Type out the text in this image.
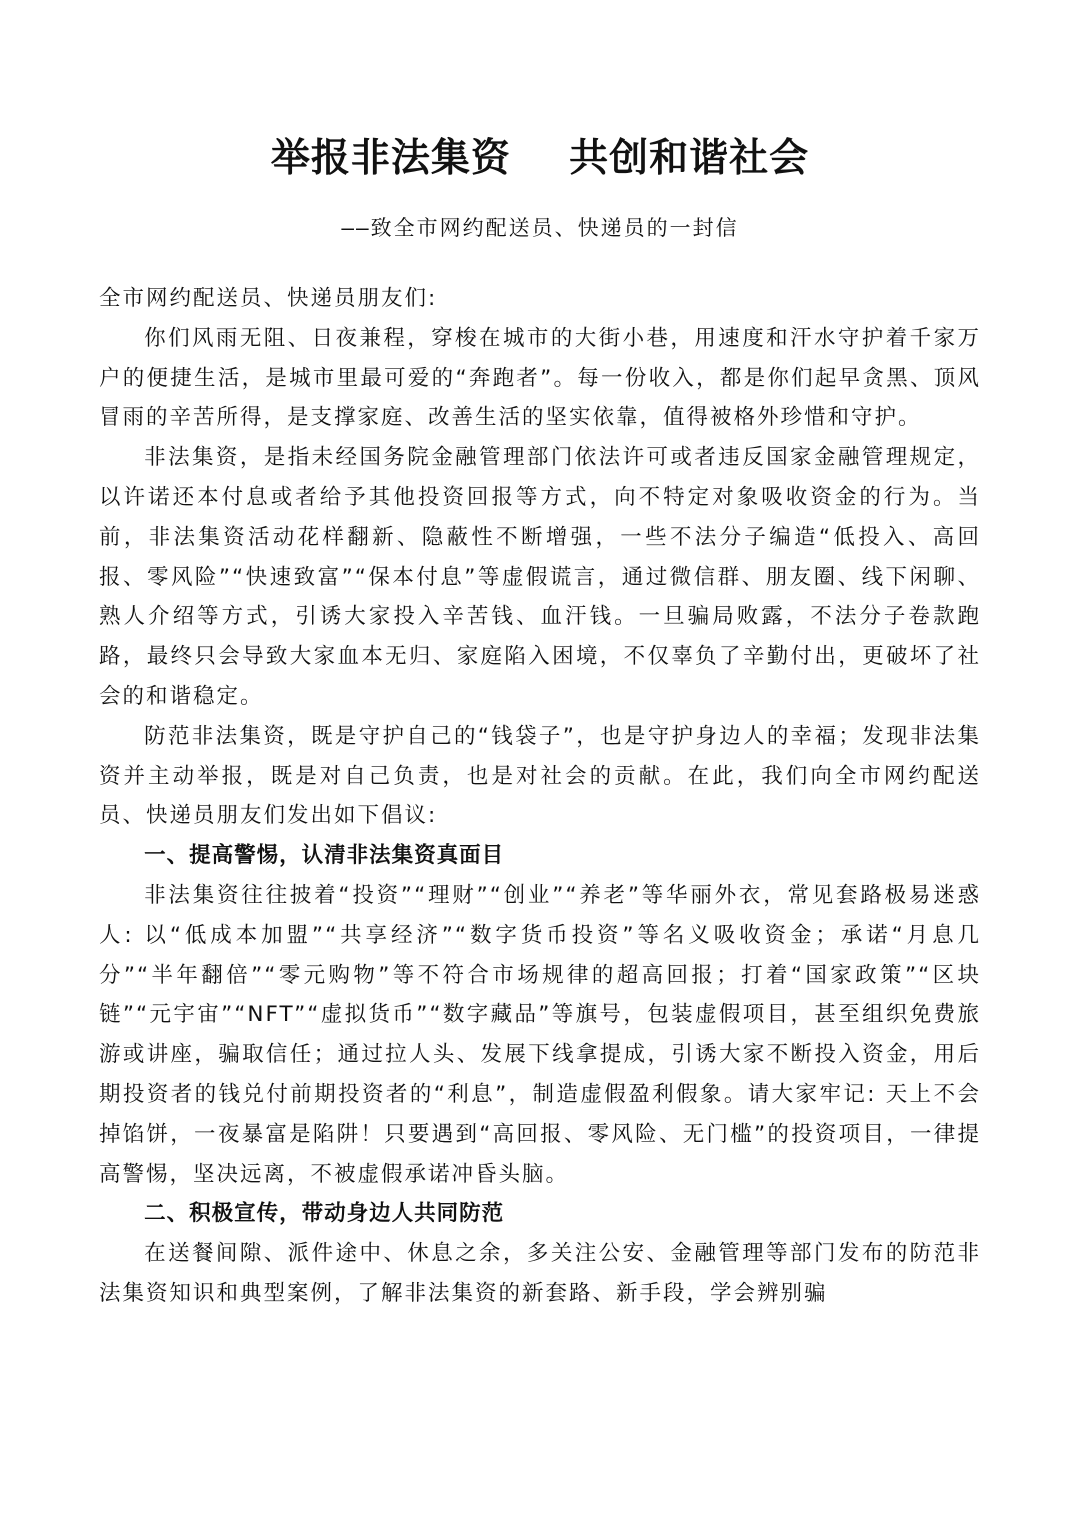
举报非法集资    共创和谐社会
——致全市网约配送员、快递员的一封信

全市网约配送员、快递员朋友们:

你们风雨无阻、日夜兼程，穿梭在城市的大街小巷，用速度和汗水守护着千家万户的便捷生活，是城市里最可爱的“奔跑者”。每一份收入，都是你们起早贪黑、顶风冒雨的辛苦所得，是支撑家庭、改善生活的坚实依靠，值得被格外珍惜和守护。

非法集资，是指未经国务院金融管理部门依法许可或者违反国家金融管理规定，以许诺还本付息或者给予其他投资回报等方式，向不特定对象吸收资金的行为。当前，非法集资活动花样翻新、隐蔽性不断增强，一些不法分子编造“低投入、高回报、零风险”“快速致富”“保本付息”等虚假谎言，通过微信群、朋友圈、线下闲聊、熟人介绍等方式，引诱大家投入辛苦钱、血汗钱。一旦骗局败露，不法分子卷款跑路，最终只会导致大家血本无归、家庭陷入困境，不仅辜负了辛勤付出，更破坏了社会的和谐稳定。

防范非法集资，既是守护自己的“钱袋子”，也是守护身边人的幸福；发现非法集资并主动举报，既是对自己负责，也是对社会的贡献。在此，我们向全市网约配送员、快递员朋友们发出如下倡议:

一、提高警惕，认清非法集资真面目

非法集资往往披着“投资”“理财”“创业”“养老”等华丽外衣，常见套路极易迷惑人: 以“低成本加盟”“共享经济”“数字货币投资”等名义吸收资金；承诺“月息几分”“半年翻倍”“零元购物”等不符合市场规律的超高回报；打着“国家政策”“区块链”“元宇宙”“NFT”“虚拟货币”“数字藏品”等旗号，包装虚假项目，甚至组织免费旅游或讲座，骗取信任；通过拉人头、发展下线拿提成，引诱大家不断投入资金，用后期投资者的钱兑付前期投资者的“利息”，制造虚假盈利假象。请大家牢记: 天上不会掉馅饼，一夜暴富是陷阱！只要遇到“高回报、零风险、无门槛”的投资项目，一律提高警惕，坚决远离，不被虚假承诺冲昏头脑。

二、积极宣传，带动身边人共同防范

在送餐间隙、派件途中、休息之余，多关注公安、金融管理等部门发布的防范非法集资知识和典型案例，了解非法集资的新套路、新手段，学会辨别骗
